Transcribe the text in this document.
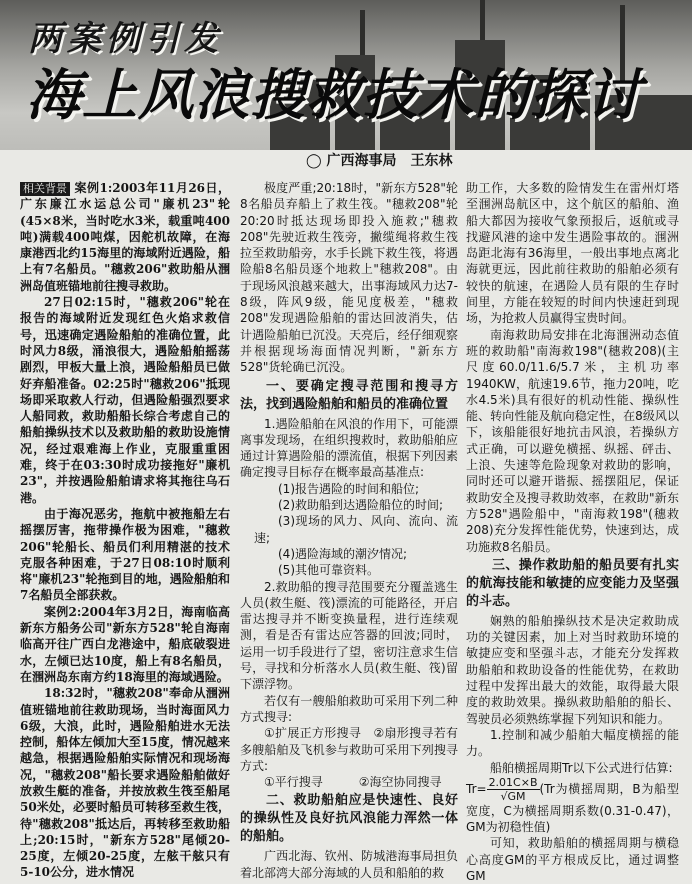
两案例引发
海上风浪搜救技术的探讨
◯ 广西海事局　王东林

相关背景 案例1:2003年11月26日，广东廉江水运总公司"廉机23"轮(45×8米，当时吃水3米，载重吨400吨)满载400吨煤，因舵机故障，在海康港西北约15海里的海域附近遇险，船上有7名船员。"穗救206"救助船从涠洲岛值班锚地前往搜寻救助。

27日02:15时，"穗救206"轮在报告的海域附近发现红色火焰求救信号，迅速确定遇险船舶的准确位置，此时风力8级，涌浪很大，遇险船舶摇荡剧烈，甲板大量上浪，遇险船船员已做好弃船准备。02:25时"穗救206"抵现场即采取救人行动，但遇险船强烈要求人船同救，救助船船长综合考虑自己的船舶操纵技术以及救助船的救助设施情况，经过艰难海上作业，克服重重困难，终于在03:30时成功接拖好"廉机23"，并按遇险船舶请求将其拖往乌石港。

由于海况恶劣，拖航中被拖船左右摇摆厉害，拖带操作极为困难，"穗救206"轮船长、船员们利用精湛的技术克服各种困难，于27日08:10时顺利将"廉机23"轮拖到目的地，遇险船舶和7名船员全部获救。

案例2:2004年3月2日，海南临高新东方船务公司"新东方528"轮自海南临高开往广西白龙港途中，船底破裂进水，左倾已达10度，船上有8名船员，在涠洲岛东南方约18海里的海域遇险。

18:32时，"穗救208"奉命从涠洲值班锚地前往救助现场，当时海面风力6级，大浪，此时，遇险船舶进水无法控制，船体左倾加大至15度，情况越来越急，根据遇险船舶实际情况和现场海况，"穗救208"船长要求遇险船舶做好放救生艇的准备，并按放救生筏至船尾50米处，必要时船员可转移至救生筏，待"穗救208"抵达后，再转移至救助船上;20:15时，"新东方528"尾倾20-25度，左倾20-25度，左舷干舷只有5-10公分，进水情况

极度严重;20:18时，"新东方528"轮8名船员弃船上了救生筏。"穗救208"轮20:20时抵达现场即投入施救;"穗救208"先驶近救生筏旁，撇缆绳将救生筏拉至救助船旁，水手长跳下救生筏，将遇险船8名船员逐个地救上"穗救208"。由于现场风浪越来越大，出事海域风力达7-8级，阵风9级，能见度极差，"穗救208"发现遇险船舶的雷达回波消失，估计遇险船舶已沉没。天亮后，经仔细观察并根据现场海面情况判断，"新东方528"货轮确已沉没。

一、要确定搜寻范围和搜寻方法，找到遇险船舶和船员的准确位置

1.遇险船舶在风浪的作用下，可能漂离事发现场，在组织搜救时，救助船舶应通过计算遇险船的漂流值，根据下列因素确定搜寻目标存在概率最高基准点:

(1)报告遇险的时间和船位;

(2)救助船到达遇险船位的时间;

(3)现场的风力、风向、流向、流速;

(4)遇险海域的潮汐情况;

(5)其他可靠资料。

2.救助船的搜寻范围要充分覆盖逃生人员(救生艇、筏)漂流的可能路径，开启雷达搜寻并不断变换量程，进行连续观测，看是否有雷达应答器的回波;同时，运用一切手段进行了望，密切注意求生信号，寻找和分析落水人员(救生艇、筏)留下漂浮物。

若仅有一艘船舶救助可采用下列二种方式搜寻:

①扩展正方形搜寻　②扇形搜寻若有多艘船舶及飞机参与救助可采用下列搜寻方式:

①平行搜寻　　　②海空协同搜寻

二、救助船舶应是快速性、良好的操纵性及良好抗风浪能力浑然一体的船舶。

广西北海、钦州、防城港海事局担负着北部湾大部分海域的人员和船舶的救

助工作，大多数的险情发生在雷州灯塔至涠洲岛航区中，这个航区的船舶、渔船大都因为接收气象预报后，返航或寻找避风港的途中发生遇险事故的。涠洲岛距北海有36海里，一般出事地点离北海就更远，因此前往救助的船舶必须有较快的航速，在遇险人员有限的生存时间里，方能在较短的时间内快速赶到现场，为抢救人员赢得宝贵时间。

南海救助局安排在北海涠洲动态值班的救助船"南海救198"(穗救208)(主尺度60.0/11.6/5.7米，主机功率1940KW，航速19.6节，拖力20吨，吃水4.5米)具有很好的机动性能、操纵性能、转向性能及航向稳定性，在8级风以下，该船能很好地抗击风浪，若操纵方式正确，可以避免横摇、纵摇、砰击、上浪、失速等危险现象对救助的影响，同时还可以避开谐振、摇摆阻尼，保证救助安全及搜寻救助效率，在救助"新东方528"遇险船中，"南海救198"(穗救208)充分发挥性能优势，快速到达，成功施救8名船员。

三、操作救助船的船员要有扎实的航海技能和敏捷的应变能力及坚强的斗志。

娴熟的船舶操纵技术是决定救助成功的关键因素，加上对当时救助环境的敏捷应变和坚强斗志，才能充分发挥救助船舶和救助设备的性能优势，在救助过程中发挥出最大的效能，取得最大限度的救助效果。操纵救助船舶的船长、驾驶员必须熟练掌握下列知识和能力。

1.控制和减少船舶大幅度横摇的能力。

船舶横摇周期Tr以下公式进行估算:

$Tr= \frac{2.01C\times B}{√GM} (Tr$为横摇周期，B为船型宽度，C为横摇周期系数(0.31-0.47)，GM为初稳性值)

可知，救助船舶的横摇周期与横稳心高度GM的平方根成反比，通过调整GM
